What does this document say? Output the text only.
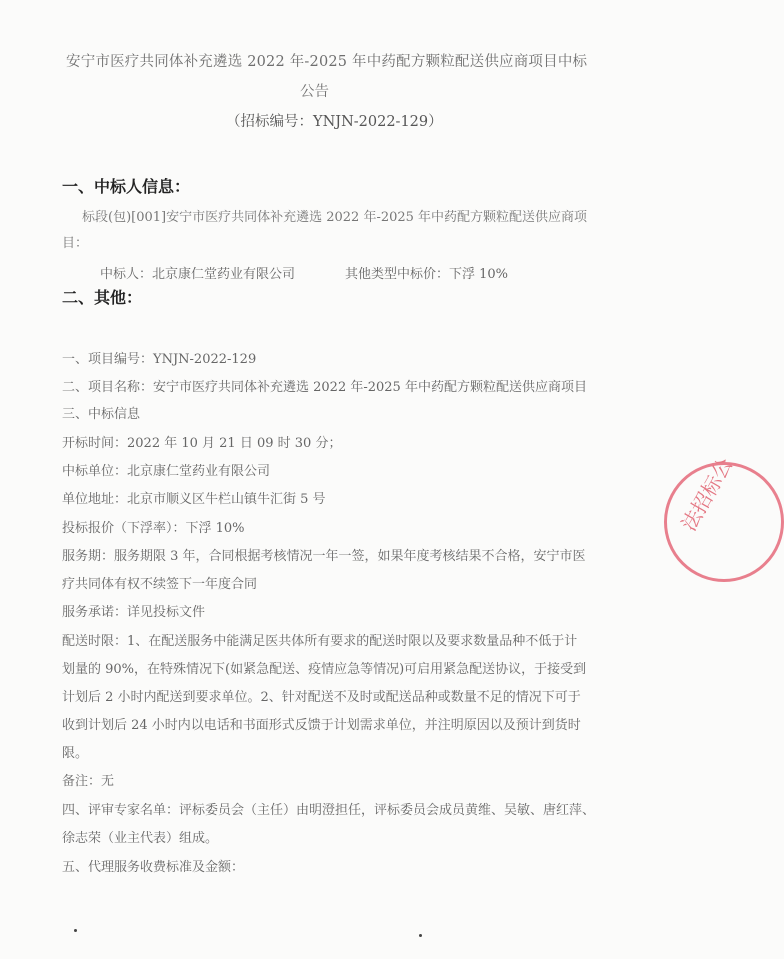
安宁市医疗共同体补充遴选 2022 年-2025 年中药配方颗粒配送供应商项目中标
公告
（招标编号：YNJN-2022-129）
一、中标人信息：
标段(包)[001]安宁市医疗共同体补充遴选 2022 年-2025 年中药配方颗粒配送供应商项
目：
中标人：北京康仁堂药业有限公司	其他类型中标价：下浮 10%
二、其他：
一、项目编号：YNJN-2022-129
二、项目名称：安宁市医疗共同体补充遴选 2022 年-2025 年中药配方颗粒配送供应商项目
三、中标信息
开标时间：2022 年 10 月 21 日 09 时 30 分；
中标单位：北京康仁堂药业有限公司
单位地址：北京市顺义区牛栏山镇牛汇街 5 号
投标报价（下浮率）：下浮 10%
服务期：服务期限 3 年，合同根据考核情况一年一签，如果年度考核结果不合格，安宁市医
疗共同体有权不续签下一年度合同
服务承诺：详见投标文件
配送时限：1、在配送服务中能满足医共体所有要求的配送时限以及要求数量品种不低于计
划量的 90%，在特殊情况下(如紧急配送、疫情应急等情况)可启用紧急配送协议，于接受到
计划后 2 小时内配送到要求单位。2、针对配送不及时或配送品种或数量不足的情况下可于
收到计划后 24 小时内以电话和书面形式反馈于计划需求单位，并注明原因以及预计到货时
限。
备注：无
四、评审专家名单：评标委员会（主任）由明澄担任，评标委员会成员黄维、吴敏、唐红萍、
徐志荣（业主代表）组成。
五、代理服务收费标准及金额：
法招标公
